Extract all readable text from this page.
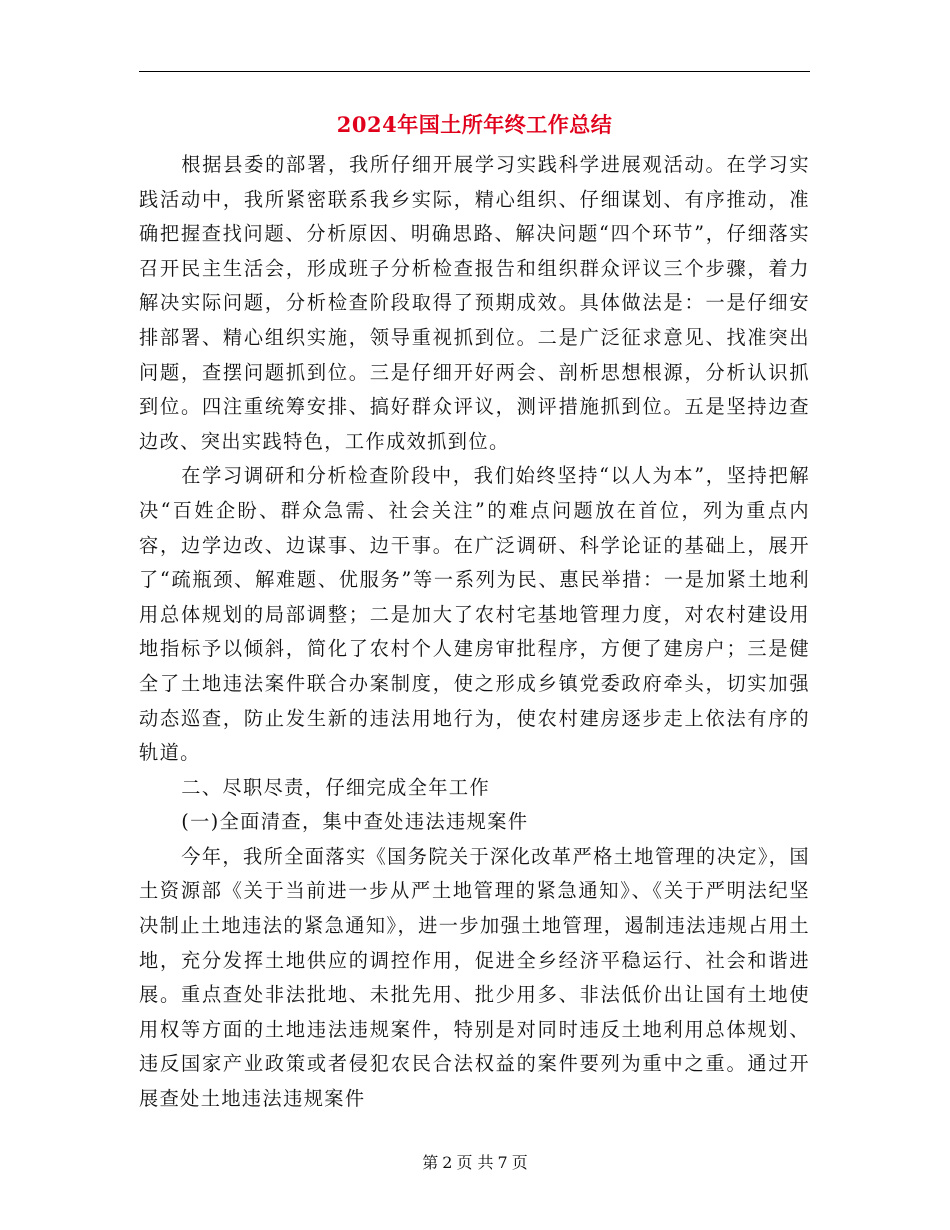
2024年国土所年终工作总结

根据县委的部署，我所仔细开展学习实践科学进展观活动。在学习实践活动中，我所紧密联系我乡实际，精心组织、仔细谋划、有序推动，准确把握查找问题、分析原因、明确思路、解决问题“四个环节”，仔细落实召开民主生活会，形成班子分析检查报告和组织群众评议三个步骤，着力解决实际问题，分析检查阶段取得了预期成效。具体做法是：一是仔细安排部署、精心组织实施，领导重视抓到位。二是广泛征求意见、找准突出问题，查摆问题抓到位。三是仔细开好两会、剖析思想根源，分析认识抓到位。四注重统筹安排、搞好群众评议，测评措施抓到位。五是坚持边查边改、突出实践特色，工作成效抓到位。

在学习调研和分析检查阶段中，我们始终坚持“以人为本”，坚持把解决“百姓企盼、群众急需、社会关注”的难点问题放在首位，列为重点内容，边学边改、边谋事、边干事。在广泛调研、科学论证的基础上，展开了“疏瓶颈、解难题、优服务”等一系列为民、惠民举措：一是加紧土地利用总体规划的局部调整；二是加大了农村宅基地管理力度，对农村建设用地指标予以倾斜，简化了农村个人建房审批程序，方便了建房户；三是健全了土地违法案件联合办案制度，使之形成乡镇党委政府牵头，切实加强动态巡查，防止发生新的违法用地行为，使农村建房逐步走上依法有序的轨道。

二、尽职尽责，仔细完成全年工作

(一)全面清查，集中查处违法违规案件

今年，我所全面落实《国务院关于深化改革严格土地管理的决定》，国土资源部《关于当前进一步从严土地管理的紧急通知》、《关于严明法纪坚决制止土地违法的紧急通知》，进一步加强土地管理，遏制违法违规占用土地，充分发挥土地供应的调控作用，促进全乡经济平稳运行、社会和谐进展。重点查处非法批地、未批先用、批少用多、非法低价出让国有土地使用权等方面的土地违法违规案件，特别是对同时违反土地利用总体规划、违反国家产业政策或者侵犯农民合法权益的案件要列为重中之重。通过开展查处土地违法违规案件

第 2 页 共 7 页
